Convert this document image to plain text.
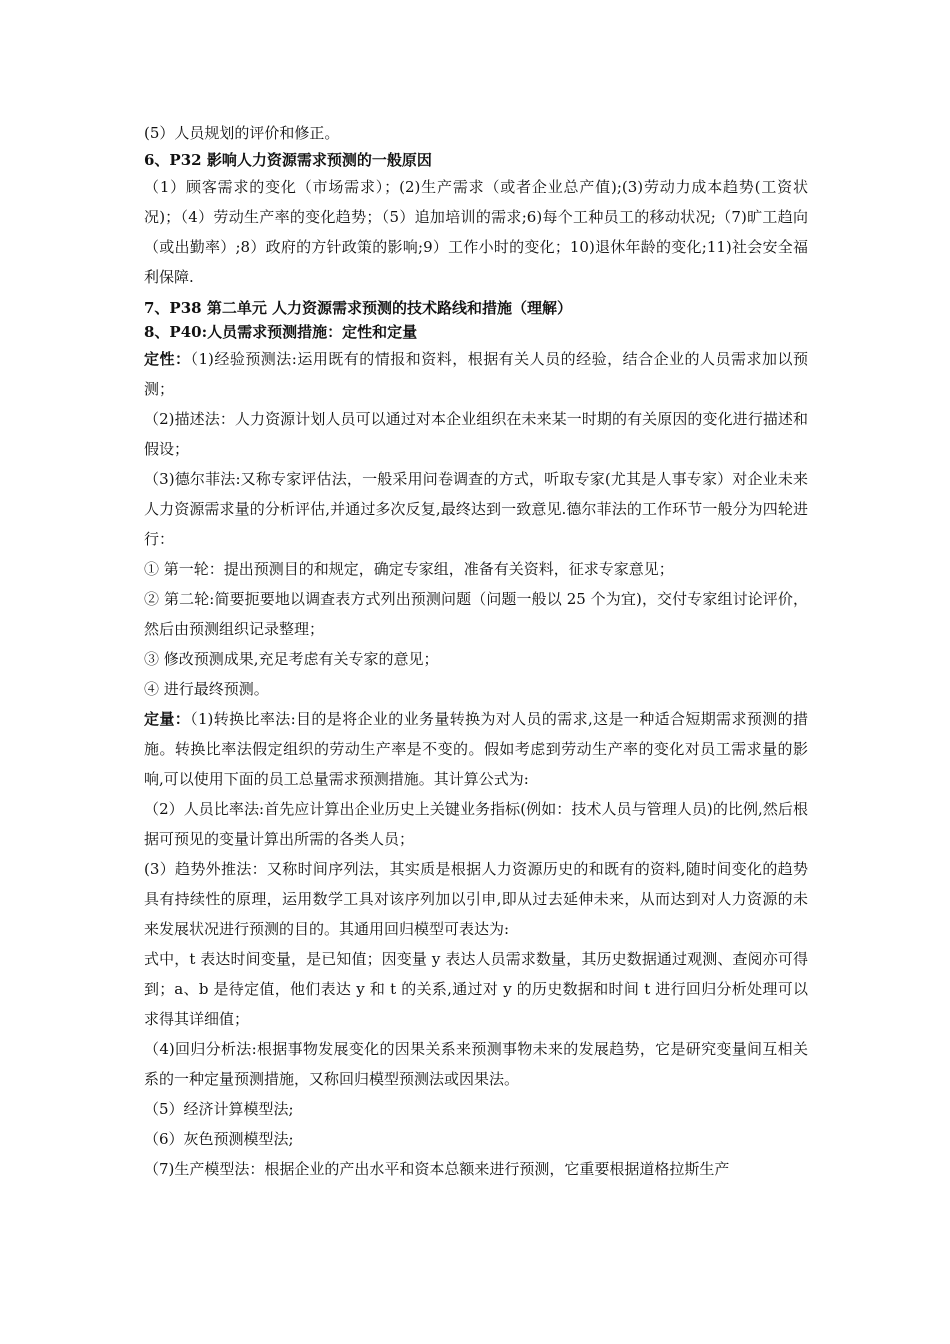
(5）人员规划的评价和修正。

6、P32 影响人力资源需求预测的一般原因

（1）顾客需求的变化（市场需求）；(2)生产需求（或者企业总产值);(3)劳动力成本趋势(工资状况)；（4）劳动生产率的变化趋势；（5）追加培训的需求;6)每个工种员工的移动状况;（7)旷工趋向（或出勤率）;8）政府的方针政策的影响;9）工作小时的变化；10)退休年龄的变化;11)社会安全福利保障.

7、P38 第二单元 人力资源需求预测的技术路线和措施（理解）

8、P40:人员需求预测措施：定性和定量

定性：（1)经验预测法:运用既有的情报和资料，根据有关人员的经验，结合企业的人员需求加以预测；

（2)描述法：人力资源计划人员可以通过对本企业组织在未来某一时期的有关原因的变化进行描述和假设；

（3)德尔菲法:又称专家评估法，一般采用问卷调查的方式，听取专家(尤其是人事专家）对企业未来人力资源需求量的分析评估,并通过多次反复,最终达到一致意见.德尔菲法的工作环节一般分为四轮进行：

① 第一轮：提出预测目的和规定，确定专家组，准备有关资料，征求专家意见；

② 第二轮:简要扼要地以调查表方式列出预测问题（问题一般以 25 个为宜)，交付专家组讨论评价，然后由预测组织记录整理；

③ 修改预测成果,充足考虑有关专家的意见；

④ 进行最终预测。

定量：（1)转换比率法:目的是将企业的业务量转换为对人员的需求,这是一种适合短期需求预测的措施。转换比率法假定组织的劳动生产率是不变的。假如考虑到劳动生产率的变化对员工需求量的影响,可以使用下面的员工总量需求预测措施。其计算公式为:

（2）人员比率法:首先应计算出企业历史上关键业务指标(例如：技术人员与管理人员)的比例,然后根据可预见的变量计算出所需的各类人员；

(3）趋势外推法：又称时间序列法，其实质是根据人力资源历史的和既有的资料,随时间变化的趋势具有持续性的原理，运用数学工具对该序列加以引申,即从过去延伸未来，从而达到对人力资源的未来发展状况进行预测的目的。其通用回归模型可表达为:

式中，t 表达时间变量，是已知值；因变量 y 表达人员需求数量，其历史数据通过观测、查阅亦可得到；a、b 是待定值，他们表达 y 和 t 的关系,通过对 y 的历史数据和时间 t 进行回归分析处理可以求得其详细值；

（4)回归分析法:根据事物发展变化的因果关系来预测事物未来的发展趋势，它是研究变量间互相关系的一种定量预测措施，又称回归模型预测法或因果法。

（5）经济计算模型法;

（6）灰色预测模型法;

（7)生产模型法：根据企业的产出水平和资本总额来进行预测，它重要根据道格拉斯生产
